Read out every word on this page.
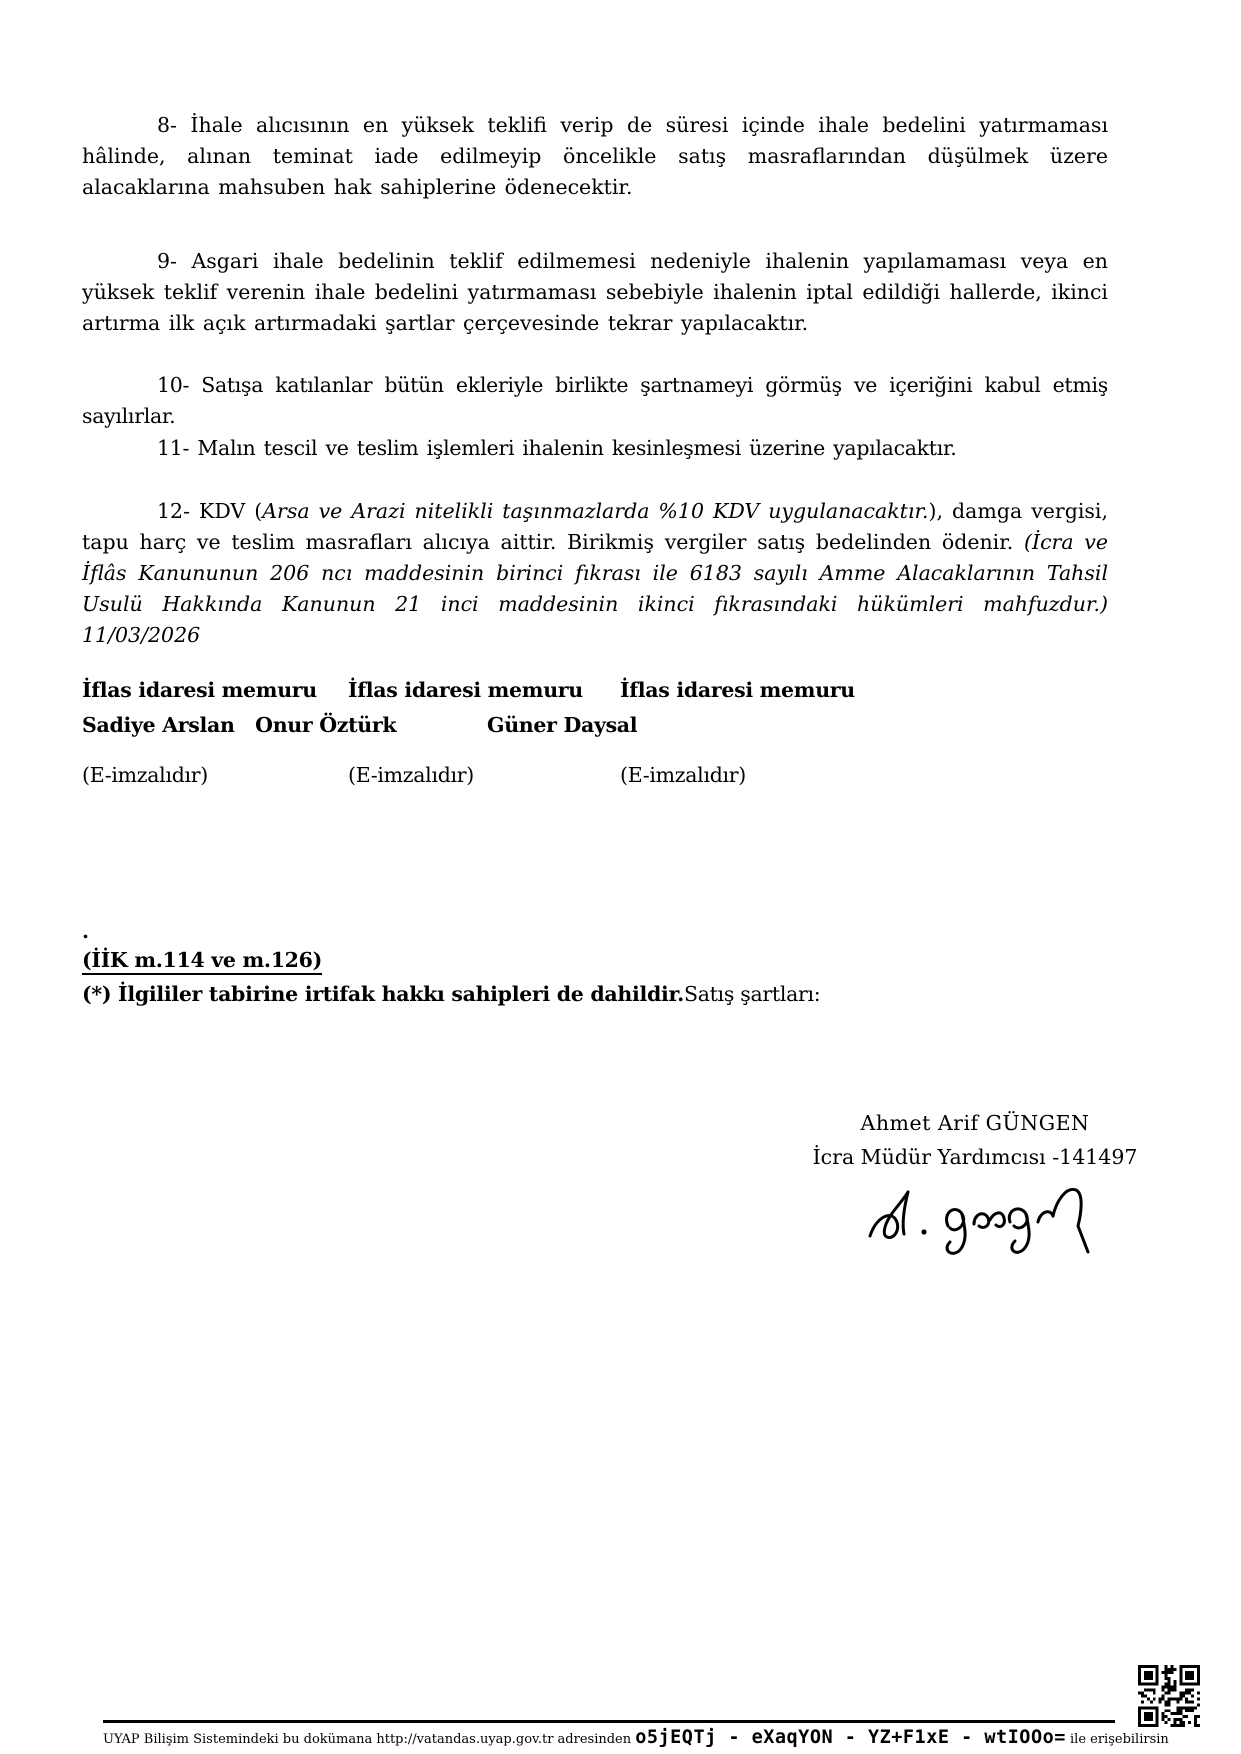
8- İhale alıcısının en yüksek teklifi verip de süresi içinde ihale bedelini yatırmaması hâlinde, alınan teminat iade edilmeyip öncelikle satış masraflarından düşülmek üzere alacaklarına mahsuben hak sahiplerine ödenecektir.
9- Asgari ihale bedelinin teklif edilmemesi nedeniyle ihalenin yapılamaması veya en yüksek teklif verenin ihale bedelini yatırmaması sebebiyle ihalenin iptal edildiği hallerde, ikinci artırma ilk açık artırmadaki şartlar çerçevesinde tekrar yapılacaktır.
10- Satışa katılanlar bütün ekleriyle birlikte şartnameyi görmüş ve içeriğini kabul etmiş sayılırlar.
11- Malın tescil ve teslim işlemleri ihalenin kesinleşmesi üzerine yapılacaktır.
12- KDV (Arsa ve Arazi nitelikli taşınmazlarda %10 KDV uygulanacaktır.), damga vergisi, tapu harç ve teslim masrafları alıcıya aittir. Birikmiş vergiler satış bedelinden ödenir. (İcra ve İflâs Kanununun 206 ncı maddesinin birinci fıkrası ile 6183 sayılı Amme Alacaklarının Tahsil Usulü Hakkında Kanunun 21 inci maddesinin ikinci fıkrasındaki hükümleri mahfuzdur.) 11/03/2026
İflas idaresi memuru İflas idaresi memuru İflas idaresi memuru
Sadiye Arslan   Onur Öztürk	Güner Daysal
(E-imzalıdır)	(E-imzalıdır)	(E-imzalıdır)
.
(İİK m.114 ve m.126)
(*) İlgililer tabirine irtifak hakkı sahipleri de dahildir.Satış şartları:
Ahmet Arif GÜNGEN
İcra Müdür Yardımcısı -141497
UYAP Bilişim Sistemindeki bu dokümana http://vatandas.uyap.gov.tr adresinden o5jEQTj - eXaqYON - YZ+F1xE - wtIOOo= ile erişebilirsin
